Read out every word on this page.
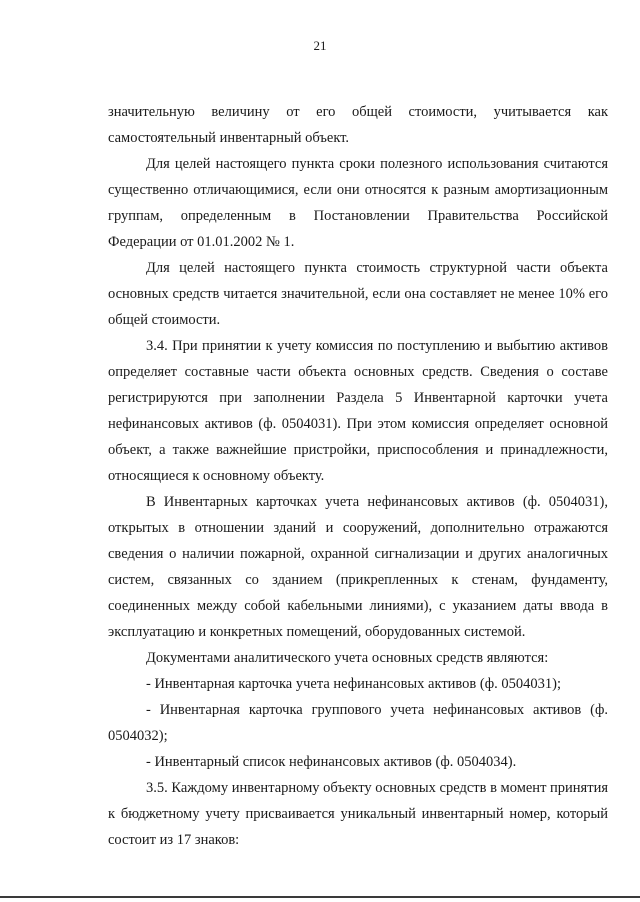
21

значительную величину от его общей стоимости, учитывается как самостоятельный инвентарный объект.

Для целей настоящего пункта сроки полезного использования считаются существенно отличающимися, если они относятся к разным амортизационным группам, определенным в Постановлении Правительства Российской Федерации от 01.01.2002 № 1.

Для целей настоящего пункта стоимость структурной части объекта основных средств читается значительной, если она составляет не менее 10% его общей стоимости.

3.4. При принятии к учету комиссия по поступлению и выбытию активов определяет составные части объекта основных средств. Сведения о составе регистрируются при заполнении Раздела 5 Инвентарной карточки учета нефинансовых активов (ф. 0504031). При этом комиссия определяет основной объект, а также важнейшие пристройки, приспособления и принадлежности, относящиеся к основному объекту.

В Инвентарных карточках учета нефинансовых активов (ф. 0504031), открытых в отношении зданий и сооружений, дополнительно отражаются сведения о наличии пожарной, охранной сигнализации и других аналогичных систем, связанных со зданием (прикрепленных к стенам, фундаменту, соединенных между собой кабельными линиями), с указанием даты ввода в эксплуатацию и конкретных помещений, оборудованных системой.

Документами аналитического учета основных средств являются:

- Инвентарная карточка учета нефинансовых активов (ф. 0504031);

- Инвентарная карточка группового учета нефинансовых активов (ф. 0504032);

- Инвентарный список нефинансовых активов (ф. 0504034).

3.5. Каждому инвентарному объекту основных средств в момент принятия к бюджетному учету присваивается уникальный инвентарный номер, который состоит из 17 знаков:
